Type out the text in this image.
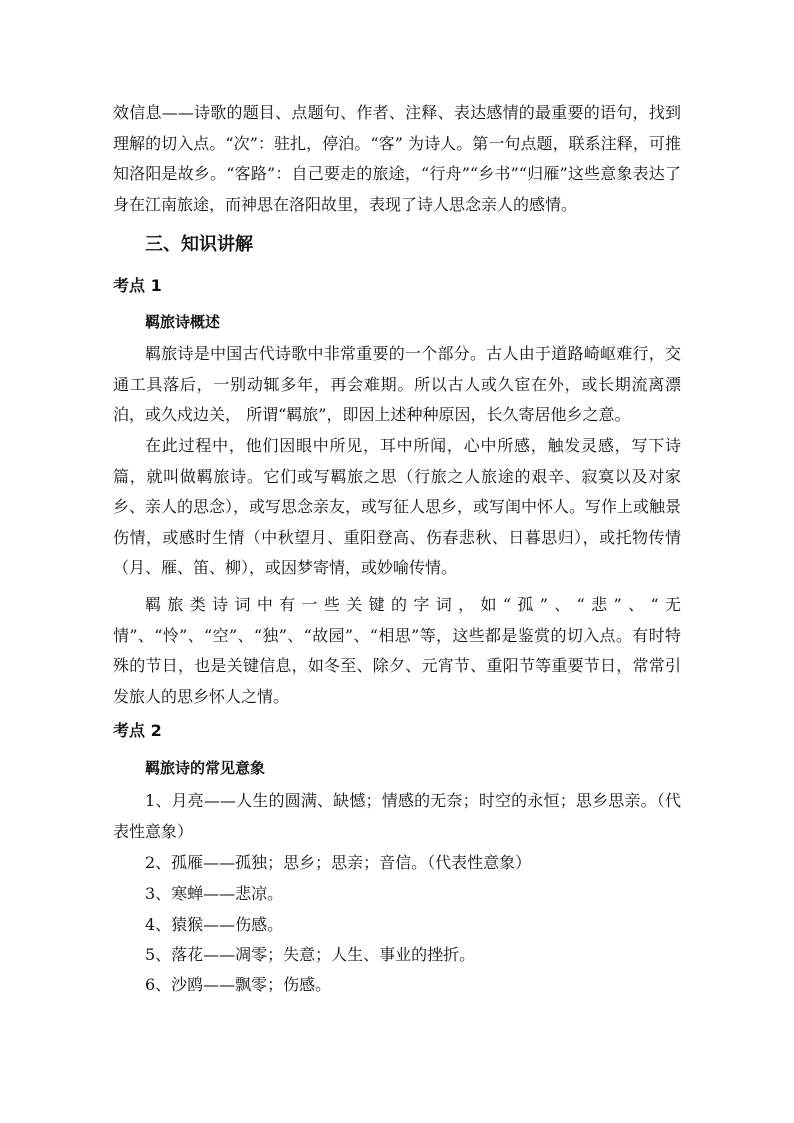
效信息——诗歌的题目、点题句、作者、注释、表达感情的最重要的语句，找到理解的切入点。“次”：驻扎，停泊。“客” 为诗人。第一句点题，联系注释，可推知洛阳是故乡。“客路”：自己要走的旅途，“行舟”“乡书”“归雁”这些意象表达了身在江南旅途，而神思在洛阳故里，表现了诗人思念亲人的感情。

三、知识讲解
考点 1
羁旅诗概述

羁旅诗是中国古代诗歌中非常重要的一个部分。古人由于道路崎岖难行，交通工具落后，一别动辄多年，再会难期。所以古人或久宦在外，或长期流离漂泊，或久戍边关， 所谓“羁旅”，即因上述种种原因，长久寄居他乡之意。

在此过程中，他们因眼中所见，耳中所闻，心中所感，触发灵感，写下诗篇，就叫做羁旅诗。它们或写羁旅之思（行旅之人旅途的艰辛、寂寞以及对家乡、亲人的思念），或写思念亲友，或写征人思乡，或写闺中怀人。写作上或触景伤情，或感时生情（中秋望月、重阳登高、伤春悲秋、日暮思归），或托物传情（月、雁、笛、柳），或因梦寄情，或妙喻传情。

羁旅类诗词中有一些关键的字词，如“孤”、“悲”、“无情”、“怜”、“空”、“独”、“故园”、“相思”等，这些都是鉴赏的切入点。有时特殊的节日，也是关键信息，如冬至、除夕、元宵节、重阳节等重要节日，常常引发旅人的思乡怀人之情。

考点 2
羁旅诗的常见意象

1、月亮——人生的圆满、缺憾；情感的无奈；时空的永恒；思乡思亲。（代表性意象）

2、孤雁——孤独；思乡；思亲；音信。（代表性意象）

3、寒蝉——悲凉。

4、猿猴——伤感。

5、落花——凋零；失意；人生、事业的挫折。

6、沙鸥——飘零；伤感。
